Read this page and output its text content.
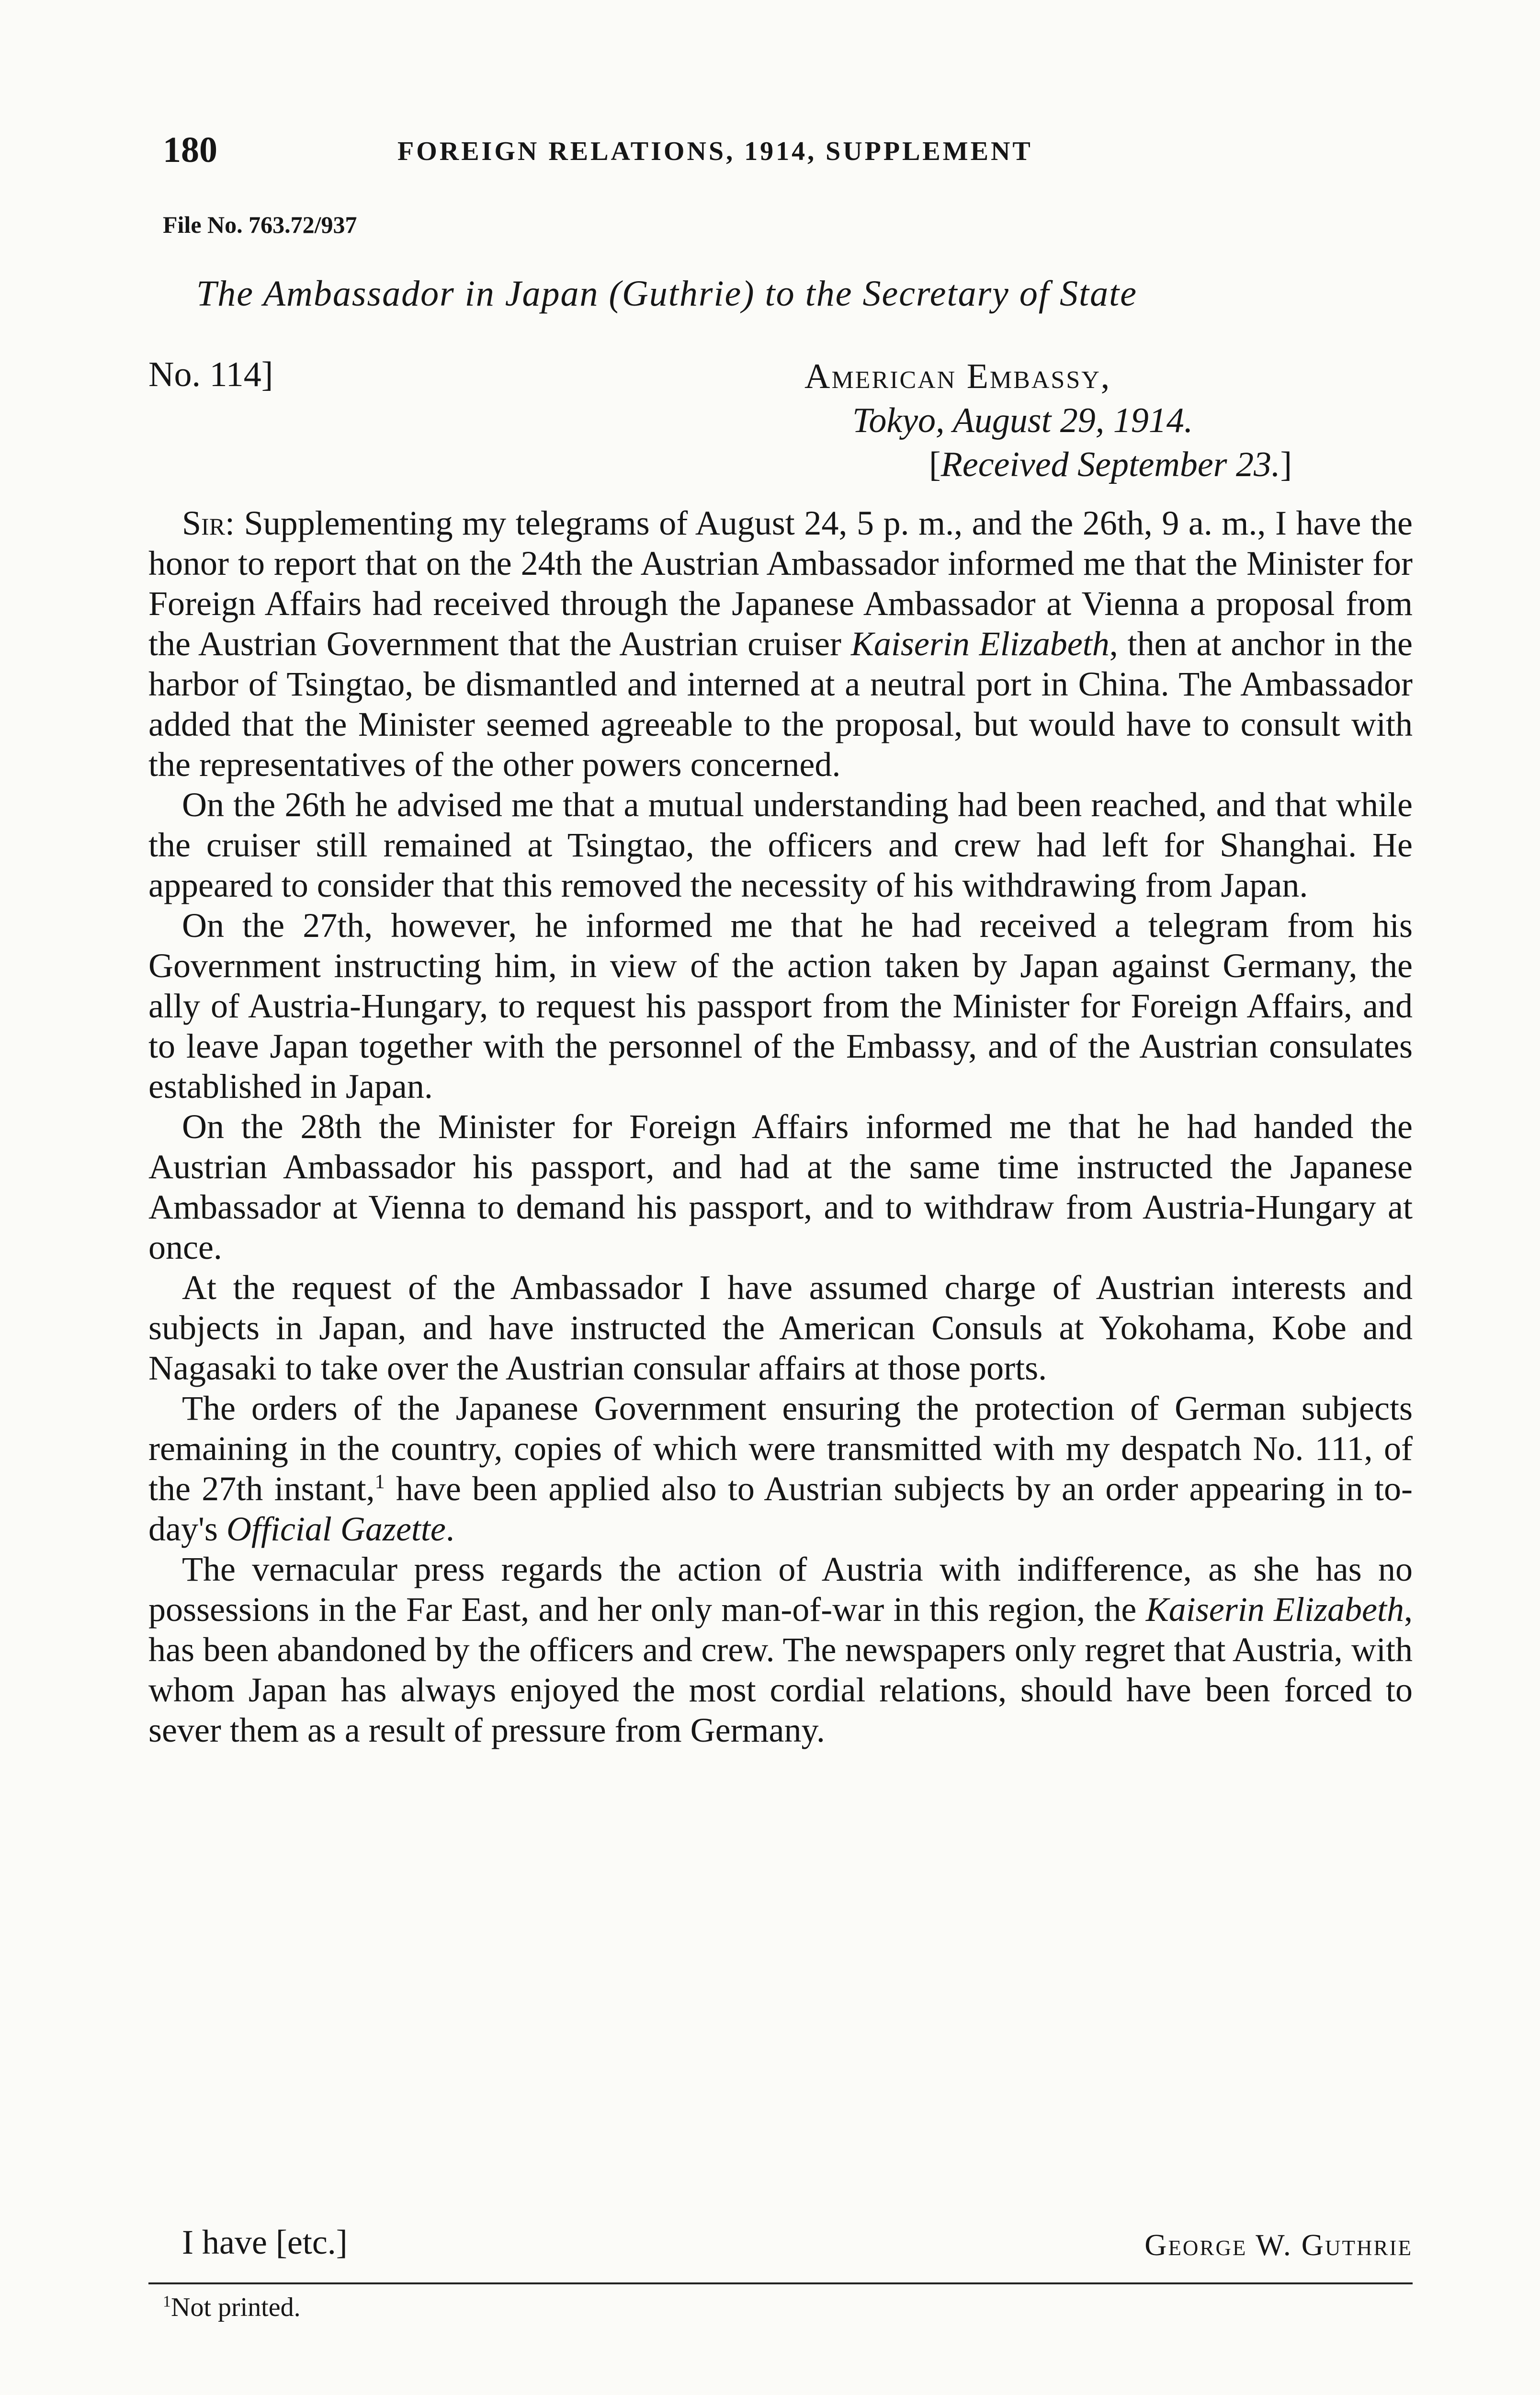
180	FOREIGN RELATIONS, 1914, SUPPLEMENT
File No. 763.72/937
The Ambassador in Japan (Guthrie) to the Secretary of State
No. 114]	American Embassy,
Tokyo, August 29, 1914.
[Received September 23.]

Sir: Supplementing my telegrams of August 24, 5 p. m., and the 26th, 9 a. m., I have the honor to report that on the 24th the Austrian Ambassador informed me that the Minister for Foreign Affairs had received through the Japanese Ambassador at Vienna a proposal from the Austrian Government that the Austrian cruiser Kaiserin Elizabeth, then at anchor in the harbor of Tsingtao, be dismantled and interned at a neutral port in China. The Ambassador added that the Minister seemed agreeable to the proposal, but would have to consult with the representatives of the other powers concerned.

On the 26th he advised me that a mutual understanding had been reached, and that while the cruiser still remained at Tsingtao, the officers and crew had left for Shanghai. He appeared to consider that this removed the necessity of his withdrawing from Japan.

On the 27th, however, he informed me that he had received a telegram from his Government instructing him, in view of the action taken by Japan against Germany, the ally of Austria-Hungary, to request his passport from the Minister for Foreign Affairs, and to leave Japan together with the personnel of the Embassy, and of the Austrian consulates established in Japan.

On the 28th the Minister for Foreign Affairs informed me that he had handed the Austrian Ambassador his passport, and had at the same time instructed the Japanese Ambassador at Vienna to demand his passport, and to withdraw from Austria-Hungary at once.

At the request of the Ambassador I have assumed charge of Austrian interests and subjects in Japan, and have instructed the American Consuls at Yokohama, Kobe and Nagasaki to take over the Austrian consular affairs at those ports.

The orders of the Japanese Government ensuring the protection of German subjects remaining in the country, copies of which were transmitted with my despatch No. 111, of the 27th instant,$^1$ have been applied also to Austrian subjects by an order appearing in to-day's Official Gazette.

The vernacular press regards the action of Austria with indifference, as she has no possessions in the Far East, and her only man-of-war in this region, the Kaiserin Elizabeth, has been abandoned by the officers and crew. The newspapers only regret that Austria, with whom Japan has always enjoyed the most cordial relations, should have been forced to sever them as a result of pressure from Germany.

I have [etc.]	George W. Guthrie
$^1$Not printed.
